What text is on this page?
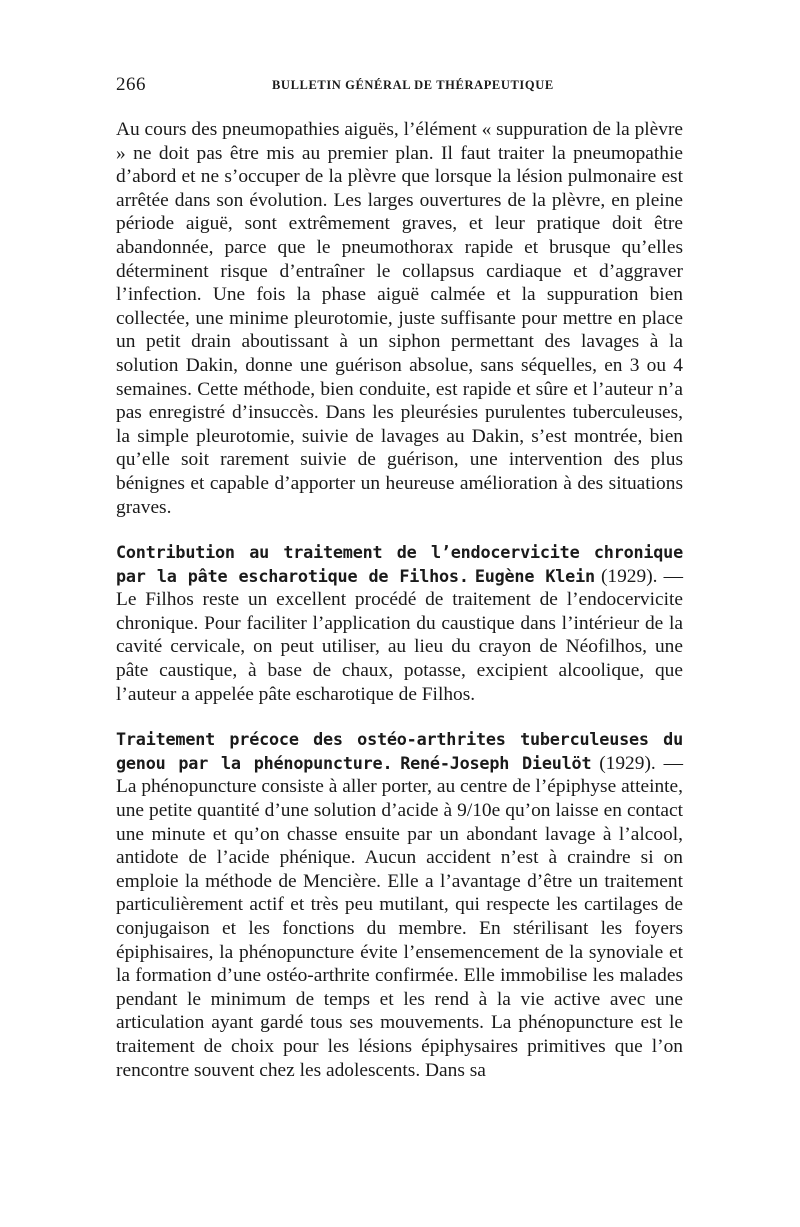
266	BULLETIN GÉNÉRAL DE THÉRAPEUTIQUE

Au cours des pneumopathies aiguës, l’élément « suppuration de la plèvre » ne doit pas être mis au premier plan. Il faut traiter la pneumopathie d’abord et ne s’occuper de la plèvre que lorsque la lésion pulmonaire est arrêtée dans son évolution. Les larges ouvertures de la plèvre, en pleine période aiguë, sont extrêmement graves, et leur pratique doit être abandonnée, parce que le pneumothorax rapide et brusque qu’elles déterminent risque d’entraîner le collapsus cardiaque et d’aggraver l’infection. Une fois la phase aiguë calmée et la suppuration bien collectée, une minime pleurotomie, juste suffisante pour mettre en place un petit drain aboutissant à un siphon permettant des lavages à la solution Dakin, donne une guérison absolue, sans séquelles, en 3 ou 4 semaines. Cette méthode, bien conduite, est rapide et sûre et l’auteur n’a pas enregistré d’insuccès. Dans les pleurésies purulentes tuberculeuses, la simple pleurotomie, suivie de lavages au Dakin, s’est montrée, bien qu’elle soit rarement suivie de guérison, une intervention des plus bénignes et capable d’apporter un heureuse amélioration à des situations graves.

Contribution au traitement de l’endocervicite chronique par la pâte escharotique de Filhos. Eugène Klein (1929). — Le Filhos reste un excellent procédé de traitement de l’endocervicite chronique. Pour faciliter l’application du caustique dans l’intérieur de la cavité cervicale, on peut utiliser, au lieu du crayon de Néofilhos, une pâte caustique, à base de chaux, potasse, excipient alcoolique, que l’auteur a appelée pâte escharotique de Filhos.

Traitement précoce des ostéo-arthrites tuberculeuses du genou par la phénopuncture. René-Joseph Dieulöt (1929). — La phénopuncture consiste à aller porter, au centre de l’épiphyse atteinte, une petite quantité d’une solution d’acide à 9/10e qu’on laisse en contact une minute et qu’on chasse ensuite par un abondant lavage à l’alcool, antidote de l’acide phénique. Aucun accident n’est à craindre si on emploie la méthode de Mencière. Elle a l’avantage d’être un traitement particulièrement actif et très peu mutilant, qui respecte les cartilages de conjugaison et les fonctions du membre. En stérilisant les foyers épiphisaires, la phénopuncture évite l’ensemencement de la synoviale et la formation d’une ostéo-arthrite confirmée. Elle immobilise les malades pendant le minimum de temps et les rend à la vie active avec une articulation ayant gardé tous ses mouvements. La phénopuncture est le traitement de choix pour les lésions épiphysaires primitives que l’on rencontre souvent chez les adolescents. Dans sa
